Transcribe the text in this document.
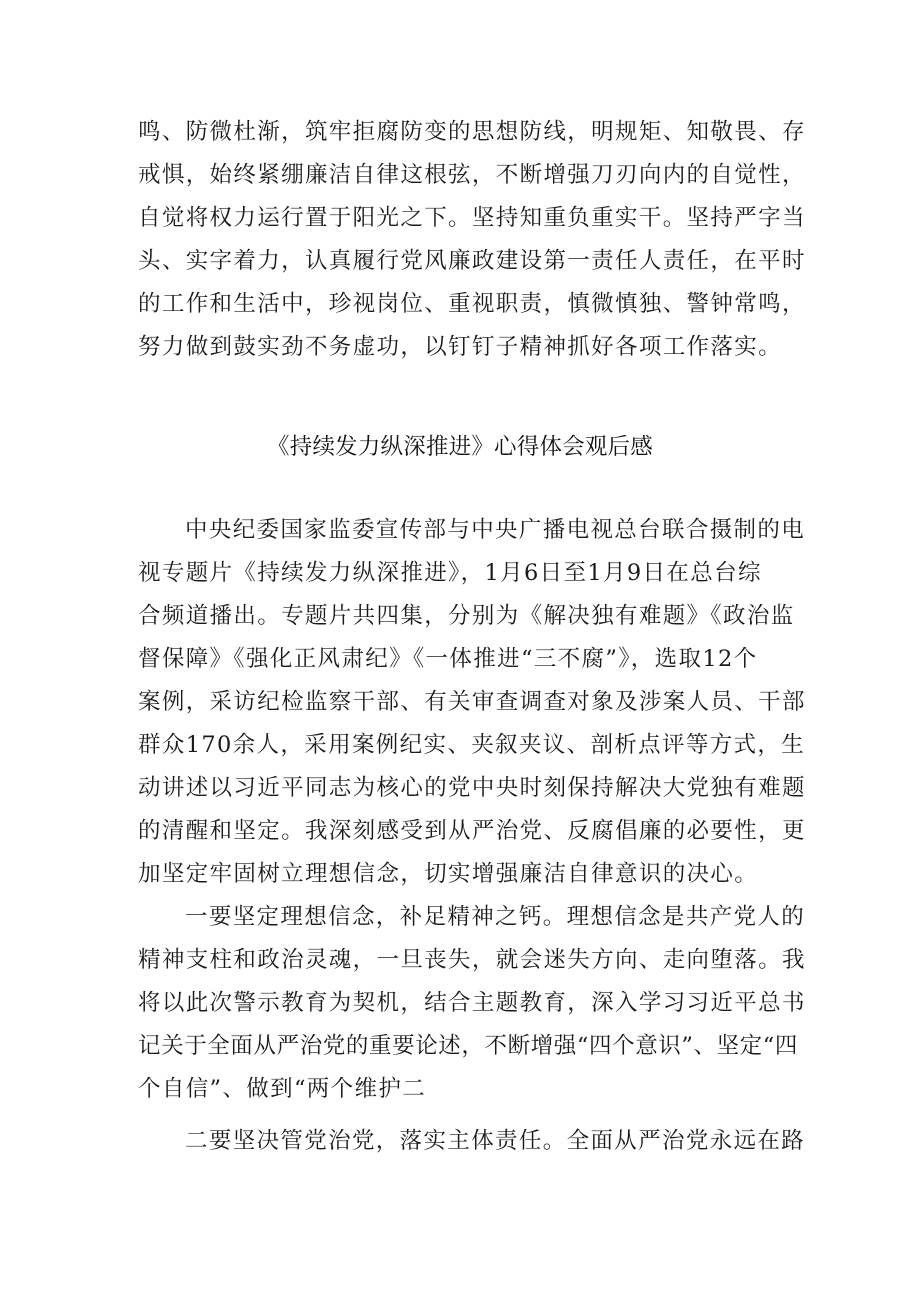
鸣、防微杜渐，筑牢拒腐防变的思想防线，明规矩、知敬畏、存
戒惧，始终紧绷廉洁自律这根弦，不断增强刀刃向内的自觉性，
自觉将权力运行置于阳光之下。坚持知重负重实干。坚持严字当
头、实字着力，认真履行党风廉政建设第一责任人责任，在平时
的工作和生活中，珍视岗位、重视职责，慎微慎独、警钟常鸣，
努力做到鼓实劲不务虚功，以钉钉子精神抓好各项工作落实。
《持续发力纵深推进》心得体会观后感
中央纪委国家监委宣传部与中央广播电视总台联合摄制的电
视专题片《持续发力纵深推进》，1月6日至1月9日在总台综
合频道播出。专题片共四集，分别为《解决独有难题》《政治监
督保障》《强化正风肃纪》《一体推进“三不腐”》，选取12个
案例，采访纪检监察干部、有关审查调查对象及涉案人员、干部
群众170余人，采用案例纪实、夹叙夹议、剖析点评等方式，生
动讲述以习近平同志为核心的党中央时刻保持解决大党独有难题
的清醒和坚定。我深刻感受到从严治党、反腐倡廉的必要性，更
加坚定牢固树立理想信念，切实增强廉洁自律意识的决心。
一要坚定理想信念，补足精神之钙。理想信念是共产党人的
精神支柱和政治灵魂，一旦丧失，就会迷失方向、走向堕落。我
将以此次警示教育为契机，结合主题教育，深入学习习近平总书
记关于全面从严治党的重要论述，不断增强“四个意识”、坚定“四
个自信”、做到“两个维护二
二要坚决管党治党，落实主体责任。全面从严治党永远在路
